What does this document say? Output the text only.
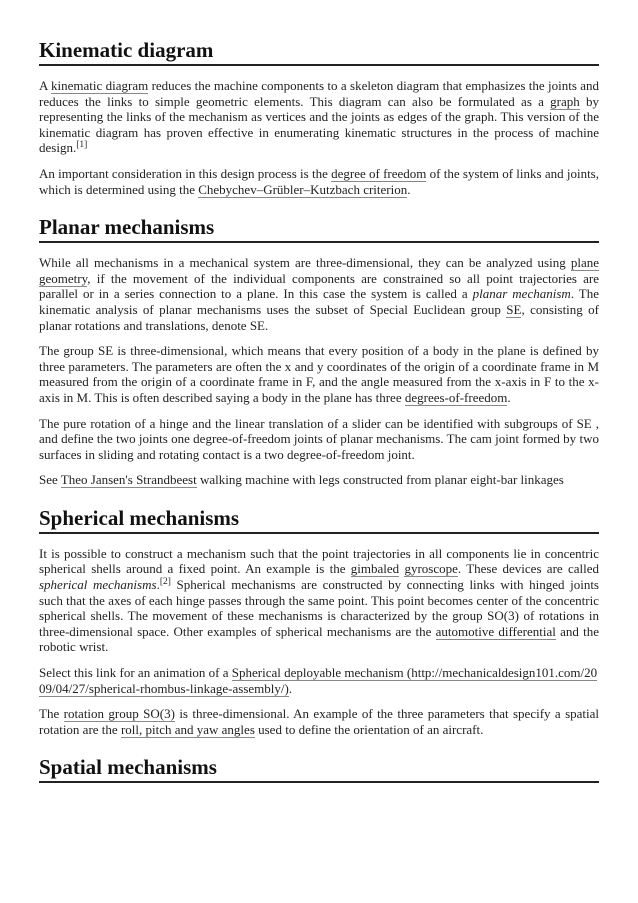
Kinematic diagram

A kinematic diagram reduces the machine components to a skeleton diagram that emphasizes the joints and reduces the links to simple geometric elements. This diagram can also be formulated as a graph by representing the links of the mechanism as vertices and the joints as edges of the graph. This version of the kinematic diagram has proven effective in enumerating kinematic structures in the process of machine design.[1]

An important consideration in this design process is the degree of freedom of the system of links and joints, which is determined using the Chebychev–Grübler–Kutzbach criterion.

Planar mechanisms

While all mechanisms in a mechanical system are three-dimensional, they can be analyzed using plane geometry, if the movement of the individual components are constrained so all point trajectories are parallel or in a series connection to a plane. In this case the system is called a planar mechanism. The kinematic analysis of planar mechanisms uses the subset of Special Euclidean group SE, consisting of planar rotations and translations, denote SE.

The group SE is three-dimensional, which means that every position of a body in the plane is defined by three parameters. The parameters are often the x and y coordinates of the origin of a coordinate frame in M measured from the origin of a coordinate frame in F, and the angle measured from the x-axis in F to the x-axis in M. This is often described saying a body in the plane has three degrees-of-freedom.

The pure rotation of a hinge and the linear translation of a slider can be identified with subgroups of SE , and define the two joints one degree-of-freedom joints of planar mechanisms. The cam joint formed by two surfaces in sliding and rotating contact is a two degree-of-freedom joint.

See Theo Jansen's Strandbeest walking machine with legs constructed from planar eight-bar linkages

Spherical mechanisms

It is possible to construct a mechanism such that the point trajectories in all components lie in concentric spherical shells around a fixed point. An example is the gimbaled gyroscope. These devices are called spherical mechanisms.[2] Spherical mechanisms are constructed by connecting links with hinged joints such that the axes of each hinge passes through the same point. This point becomes center of the concentric spherical shells. The movement of these mechanisms is characterized by the group SO(3) of rotations in three-dimensional space. Other examples of spherical mechanisms are the automotive differential and the robotic wrist.

Select this link for an animation of a Spherical deployable mechanism (http://mechanicaldesign101.com/2009/04/27/spherical-rhombus-linkage-assembly/).

The rotation group SO(3) is three-dimensional. An example of the three parameters that specify a spatial rotation are the roll, pitch and yaw angles used to define the orientation of an aircraft.

Spatial mechanisms
